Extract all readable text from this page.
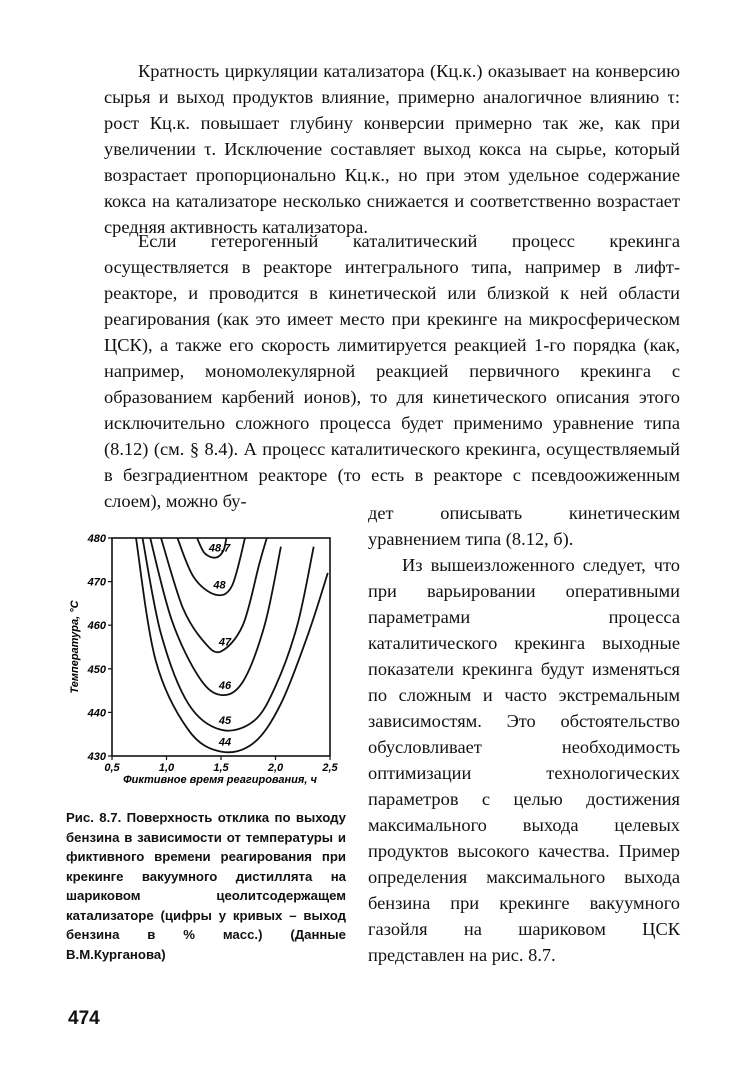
Кратность циркуляции катализатора (Кц.к.) оказывает на конверсию сырья и выход продуктов влияние, примерно аналогичное влиянию τ: рост Кц.к. повышает глубину конверсии примерно так же, как при увеличении τ. Исключение составляет выход кокса на сырье, который возрастает пропорционально Кц.к., но при этом удельное содержание кокса на катализаторе несколько снижается и соответственно возрастает средняя активность катализатора.
Если гетерогенный каталитический процесс крекинга осуществляется в реакторе интегрального типа, например в лифт-реакторе, и проводится в кинетической или близкой к ней области реагирования (как это имеет место при крекинге на микросферическом ЦСК), а также его скорость лимитируется реакцией 1-го порядка (как, например, мономолекулярной реакцией первичного крекинга с образованием карбений ионов), то для кинетического описания этого исключительно сложного процесса будет применимо уравнение типа (8.12) (см. § 8.4). А процесс каталитического крекинга, осуществляемый в безградиентном реакторе (то есть в реакторе с псевдоожиженным слоем), можно бу-

дет описывать кинетическим уравнением типа (8.12, б).

Из вышеизложенного следует, что при варьировании оперативными параметрами процесса каталитического крекинга выходные показатели крекинга будут изменяться по сложным и часто экстремальным зависимостям. Это обстоятельство обусловливает необходимость оптимизации технологических параметров с целью достижения максимального выхода целевых продуктов высокого качества. Пример определения максимального выхода бензина при крекинге вакуумного газойля на шариковом ЦСК представлен на рис. 8.7.

430
440
450
460
470
480
0,5	1,0	1,5	2,0	2,5
44
45
46
47
48
48,7
Температура, °С
Фиктивное время реагирования, ч
Рис. 8.7. Поверхность отклика по выходу бензина в зависимости от температуры и фиктивного времени реагирования при крекинге вакуумного дистиллята на шариковом цеолитсодержащем катализаторе (цифры у кривых – выход бензина в % масс.) (Данные В.М.Курганова)
474
